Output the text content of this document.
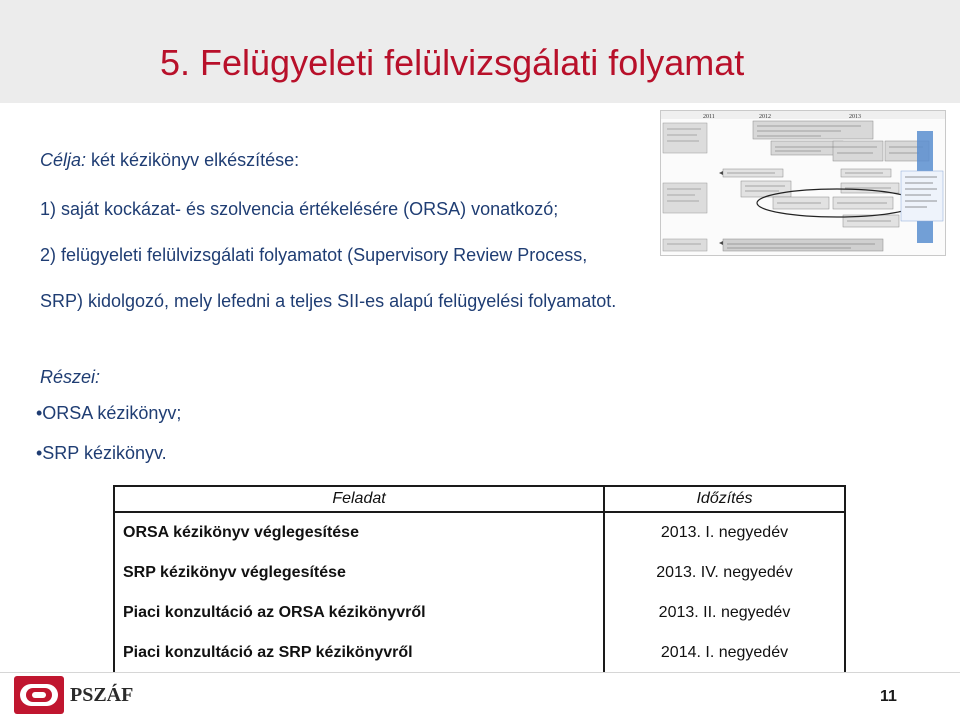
5. Felügyeleti felülvizsgálati folyamat
Célja: két kézikönyv elkészítése:
1) saját kockázat- és szolvencia értékelésére (ORSA) vonatkozó;
2) felügyeleti felülvizsgálati folyamatot (Supervisory Review Process,
SRP) kidolgozó, mely lefedni a teljes SII-es alapú felügyelési folyamatot.
Részei:
•ORSA kézikönyv;
•SRP kézikönyv.
2011	2012	2013
Feladat	Időzítés
ORSA kézikönyv véglegesítése	2013. I. negyedév
SRP kézikönyv véglegesítése	2013. IV. negyedév
Piaci konzultáció az ORSA kézikönyvről	2013. II. negyedév
Piaci konzultáció az SRP kézikönyvről	2014. I. negyedév
PSZÁF	11
